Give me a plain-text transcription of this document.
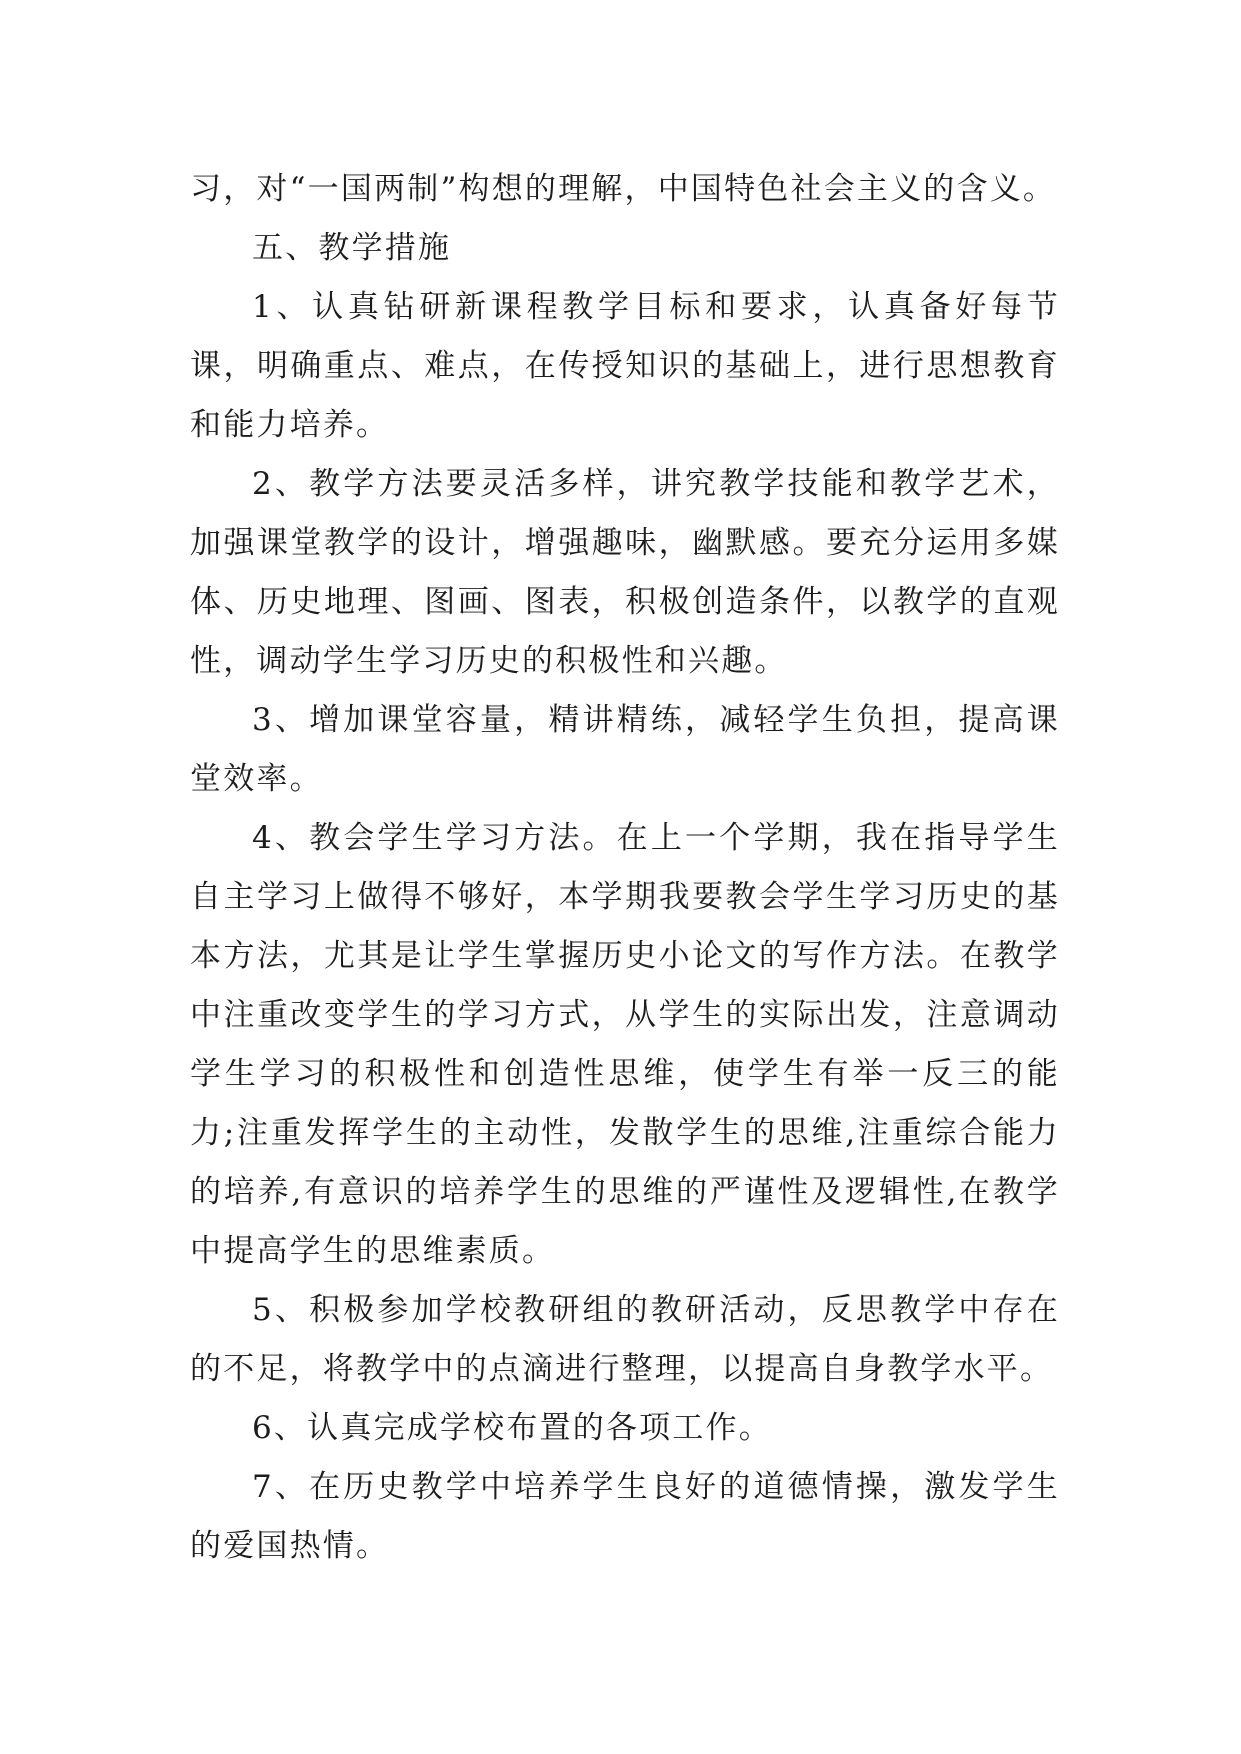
习，对“一国两制”构想的理解，中国特色社会主义的含义。

五、教学措施

1、认真钻研新课程教学目标和要求，认真备好每节课，明确重点、难点，在传授知识的基础上，进行思想教育和能力培养。

2、教学方法要灵活多样，讲究教学技能和教学艺术，加强课堂教学的设计，增强趣味，幽默感。要充分运用多媒体、历史地理、图画、图表，积极创造条件，以教学的直观性，调动学生学习历史的积极性和兴趣。

3、增加课堂容量，精讲精练，减轻学生负担，提高课堂效率。

4、教会学生学习方法。在上一个学期，我在指导学生自主学习上做得不够好，本学期我要教会学生学习历史的基本方法，尤其是让学生掌握历史小论文的写作方法。在教学中注重改变学生的学习方式，从学生的实际出发，注意调动学生学习的积极性和创造性思维，使学生有举一反三的能力;注重发挥学生的主动性，发散学生的思维,注重综合能力的培养,有意识的培养学生的思维的严谨性及逻辑性,在教学中提高学生的思维素质。

5、积极参加学校教研组的教研活动，反思教学中存在的不足，将教学中的点滴进行整理，以提高自身教学水平。

6、认真完成学校布置的各项工作。

7、在历史教学中培养学生良好的道德情操，激发学生的爱国热情。
